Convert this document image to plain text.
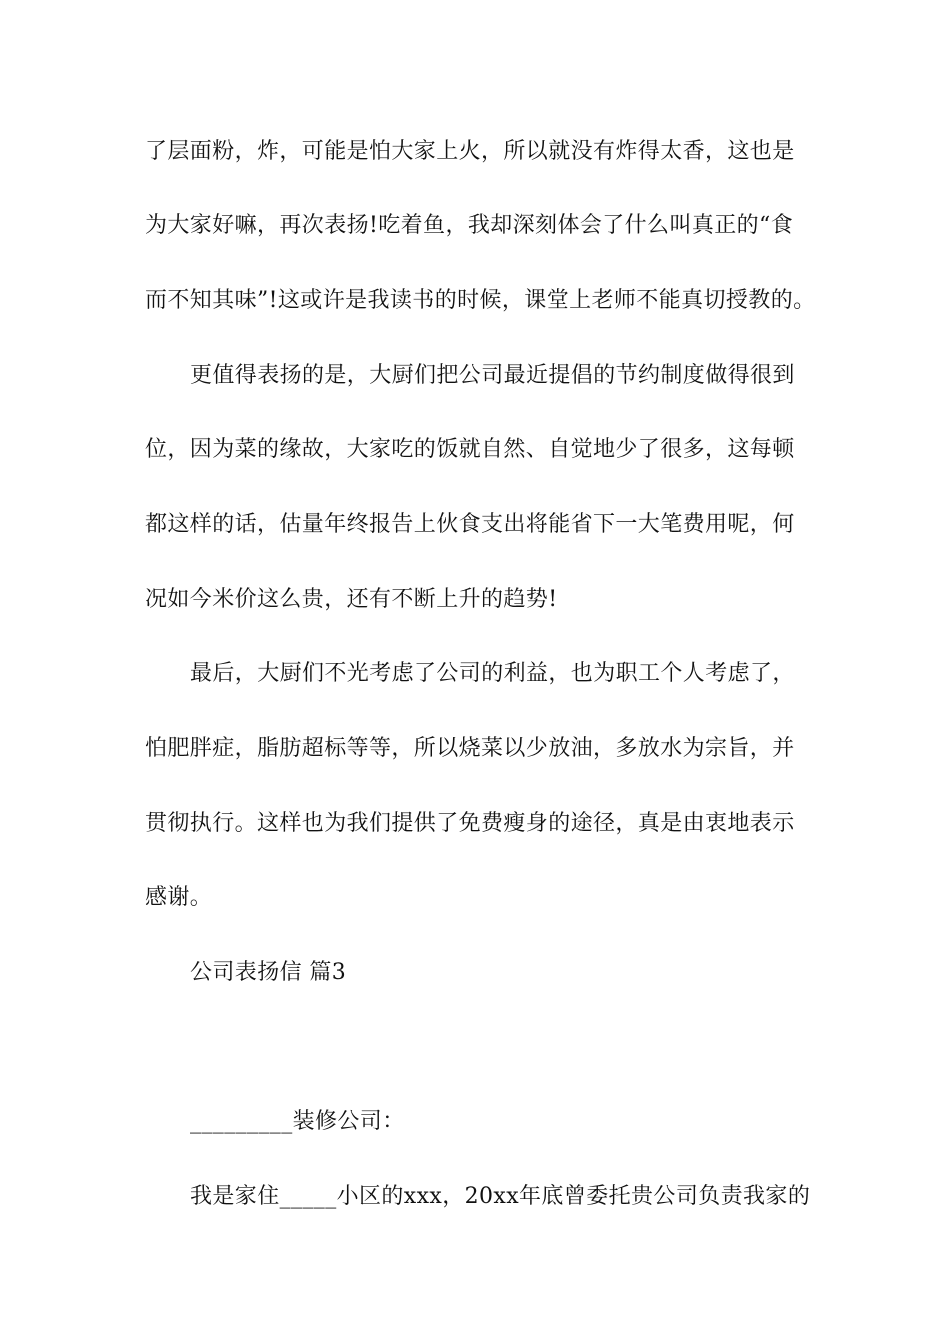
了层面粉，炸，可能是怕大家上火，所以就没有炸得太香，这也是
为大家好嘛，再次表扬!吃着鱼，我却深刻体会了什么叫真正的“食
而不知其味”!这或许是我读书的时候，课堂上老师不能真切授教的。
更值得表扬的是，大厨们把公司最近提倡的节约制度做得很到
位，因为菜的缘故，大家吃的饭就自然、自觉地少了很多，这每顿
都这样的话，估量年终报告上伙食支出将能省下一大笔费用呢，何
况如今米价这么贵，还有不断上升的趋势!
最后，大厨们不光考虑了公司的利益，也为职工个人考虑了，
怕肥胖症，脂肪超标等等，所以烧菜以少放油，多放水为宗旨，并
贯彻执行。这样也为我们提供了免费瘦身的途径，真是由衷地表示
感谢。
公司表扬信 篇3
_________装修公司：
我是家住_____小区的xxx，20xx年底曾委托贵公司负责我家的
